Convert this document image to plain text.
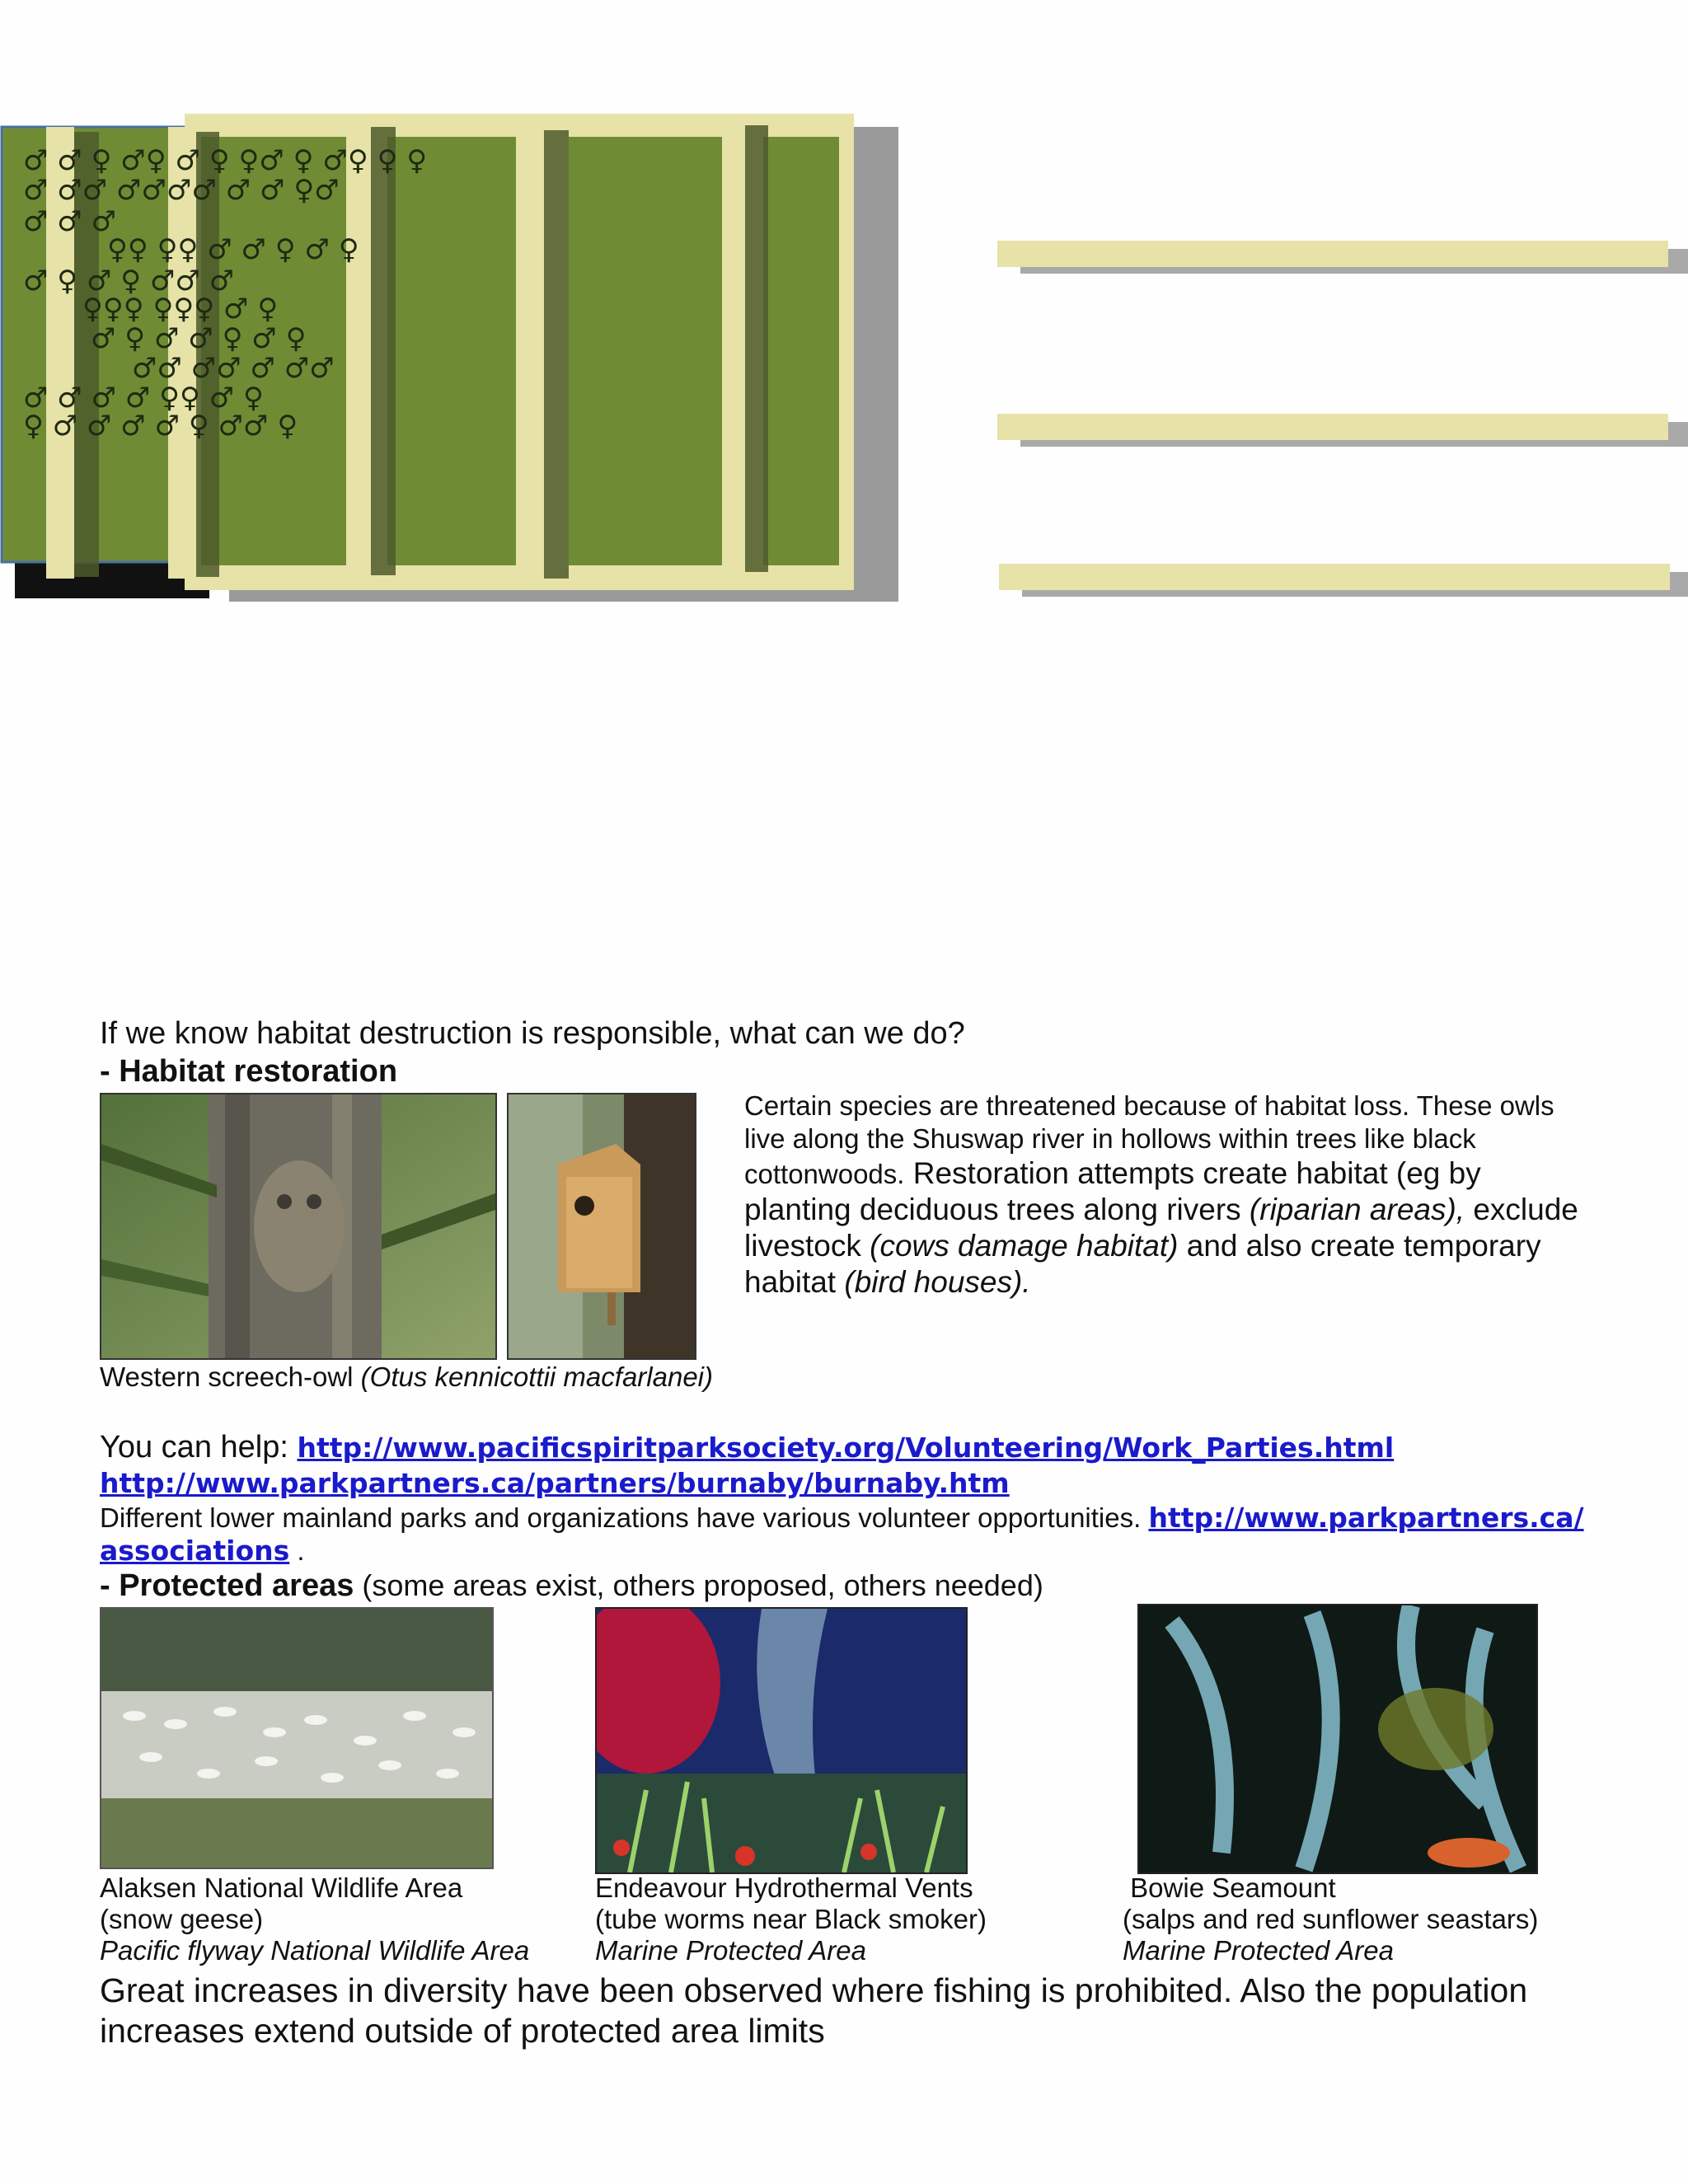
♂ ♂ ♀ ♂♀ ♂ ♀ ♀♂ ♀ ♂♀ ♀ ♀
♂ ♂♂ ♂♂♂♂ ♂ ♂ ♀♂
♂ ♂ ♂
♀♀ ♀♀ ♂ ♂ ♀ ♂ ♀
♂ ♀ ♂ ♀ ♂♂ ♂
♀♀♀ ♀♀♀ ♂ ♀
♂ ♀ ♂ ♂ ♀ ♂ ♀
♂♂ ♂♂ ♂ ♂♂
♂ ♂ ♂ ♂ ♀♀ ♂ ♀
♀ ♂ ♂ ♂ ♂ ♀ ♂♂ ♀
If we know habitat destruction is responsible, what can we do?
- Habitat restoration
Certain species are threatened because of habitat loss. These owls
live along the Shuswap river in hollows within trees like black
cottonwoods. Restoration attempts create habitat (eg by
planting deciduous trees along rivers (riparian areas), exclude
livestock (cows damage habitat) and also create temporary
habitat (bird houses).
Western screech-owl (Otus kennicottii macfarlanei)
You can help: http://www.pacificspiritparksociety.org/Volunteering/Work_Parties.html
http://www.parkpartners.ca/partners/burnaby/burnaby.htm
Different lower mainland parks and organizations have various volunteer opportunities. http://www.parkpartners.ca/
associations .
- Protected areas (some areas exist, others proposed, others needed)
Alaksen National Wildlife Area
(snow geese)
Pacific flyway National Wildlife Area
Endeavour Hydrothermal Vents
(tube worms near Black smoker)
Marine Protected Area
Bowie Seamount
(salps and red sunflower seastars)
Marine Protected Area
Great increases in diversity have been observed where fishing is prohibited. Also the population increases extend outside of protected area limits
